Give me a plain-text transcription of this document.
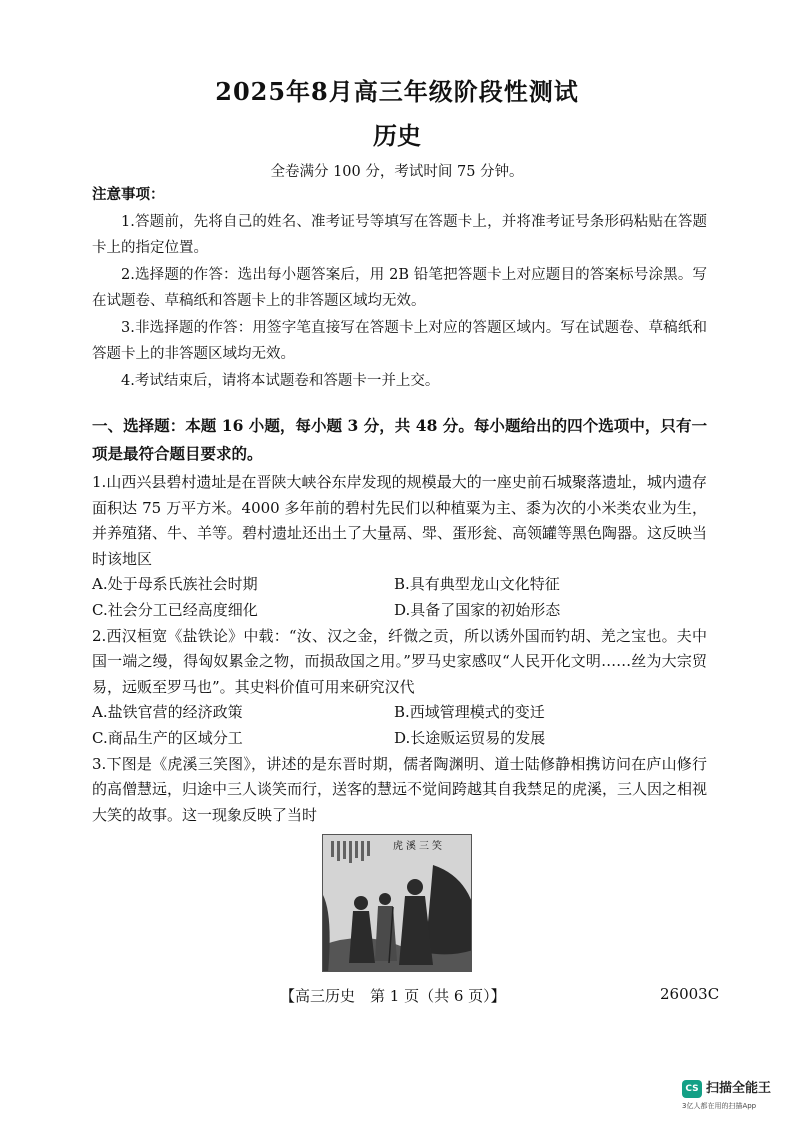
2025年8月高三年级阶段性测试
历史
全卷满分 100 分，考试时间 75 分钟。
注意事项：
1.答题前，先将自己的姓名、准考证号等填写在答题卡上，并将准考证号条形码粘贴在答题卡上的指定位置。
2.选择题的作答：选出每小题答案后，用 2B 铅笔把答题卡上对应题目的答案标号涂黑。写在试题卷、草稿纸和答题卡上的非答题区域均无效。
3.非选择题的作答：用签字笔直接写在答题卡上对应的答题区域内。写在试题卷、草稿纸和答题卡上的非答题区域均无效。
4.考试结束后，请将本试题卷和答题卡一并上交。
一、选择题：本题 16 小题，每小题 3 分，共 48 分。每小题给出的四个选项中，只有一项是最符合题目要求的。
1.山西兴县碧村遗址是在晋陕大峡谷东岸发现的规模最大的一座史前石城聚落遗址，城内遗存面积达 75 万平方米。4000 多年前的碧村先民们以种植粟为主、黍为次的小米类农业为生，并养殖猪、牛、羊等。碧村遗址还出土了大量鬲、斝、蛋形瓮、高领罐等黑色陶器。这反映当时该地区
A.处于母系氏族社会时期	B.具有典型龙山文化特征
C.社会分工已经高度细化	D.具备了国家的初始形态
2.西汉桓宽《盐铁论》中载：“汝、汉之金，纤微之贡，所以诱外国而钓胡、羌之宝也。夫中国一端之缦，得匈奴累金之物，而损敌国之用。”罗马史家感叹“人民开化文明……丝为大宗贸易，远贩至罗马也”。其史料价值可用来研究汉代
A.盐铁官营的经济政策	B.西域管理模式的变迁
C.商品生产的区域分工	D.长途贩运贸易的发展
3.下图是《虎溪三笑图》，讲述的是东晋时期，儒者陶渊明、道士陆修静相携访问在庐山修行的高僧慧远，归途中三人谈笑而行，送客的慧远不觉间跨越其自我禁足的虎溪，三人因之相视大笑的故事。这一现象反映了当时
虎溪三笑
【高三历史　第 1 页（共 6 页）】	26003C
CS 扫描全能王
3亿人都在用的扫描App
